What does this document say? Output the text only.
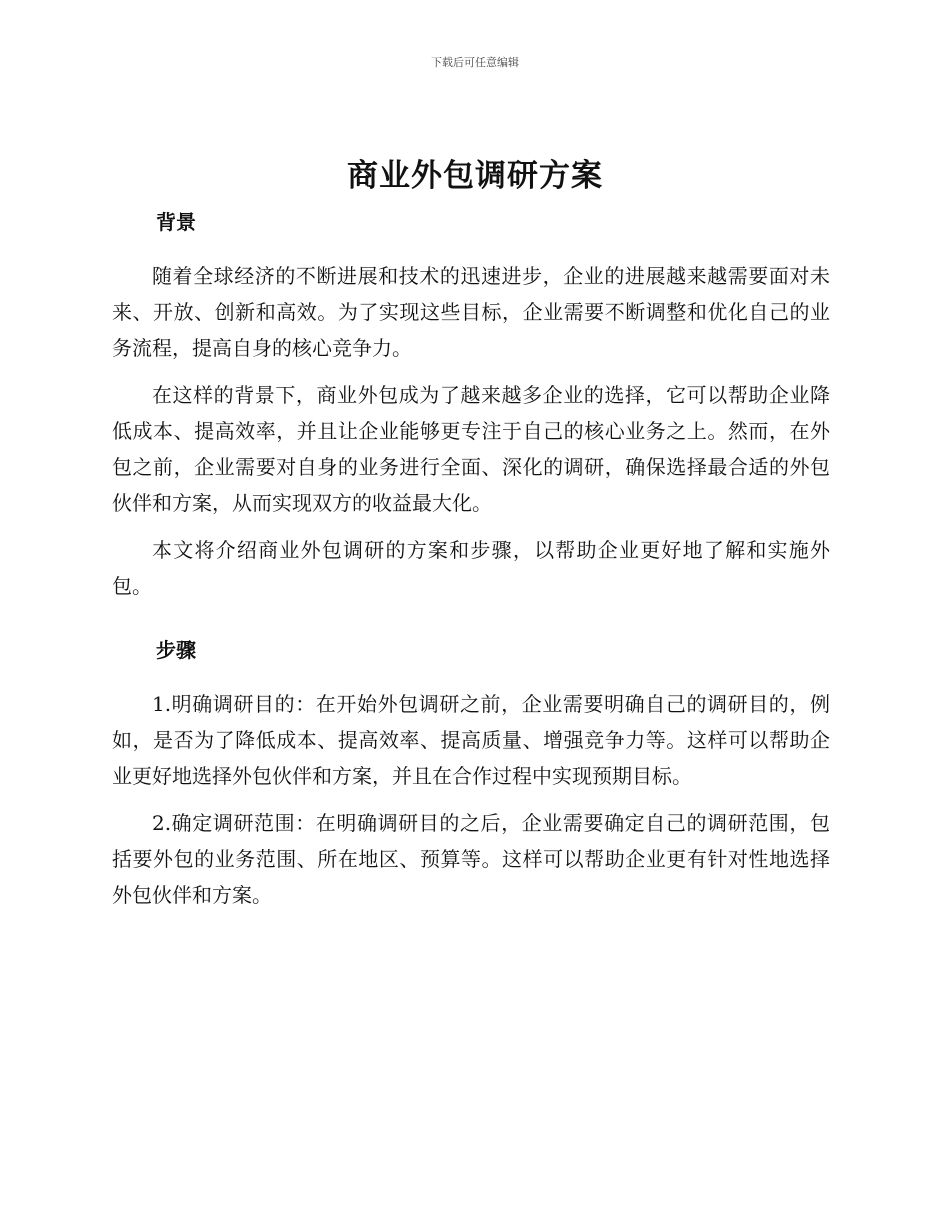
下载后可任意编辑
商业外包调研方案
背景

随着全球经济的不断进展和技术的迅速进步，企业的进展越来越需要面对未来、开放、创新和高效。为了实现这些目标，企业需要不断调整和优化自己的业务流程，提高自身的核心竞争力。

在这样的背景下，商业外包成为了越来越多企业的选择，它可以帮助企业降低成本、提高效率，并且让企业能够更专注于自己的核心业务之上。然而，在外包之前，企业需要对自身的业务进行全面、深化的调研，确保选择最合适的外包伙伴和方案，从而实现双方的收益最大化。

本文将介绍商业外包调研的方案和步骤，以帮助企业更好地了解和实施外包。

步骤

1.明确调研目的：在开始外包调研之前，企业需要明确自己的调研目的，例如，是否为了降低成本、提高效率、提高质量、增强竞争力等。这样可以帮助企业更好地选择外包伙伴和方案，并且在合作过程中实现预期目标。

2.确定调研范围：在明确调研目的之后，企业需要确定自己的调研范围，包括要外包的业务范围、所在地区、预算等。这样可以帮助企业更有针对性地选择外包伙伴和方案。
